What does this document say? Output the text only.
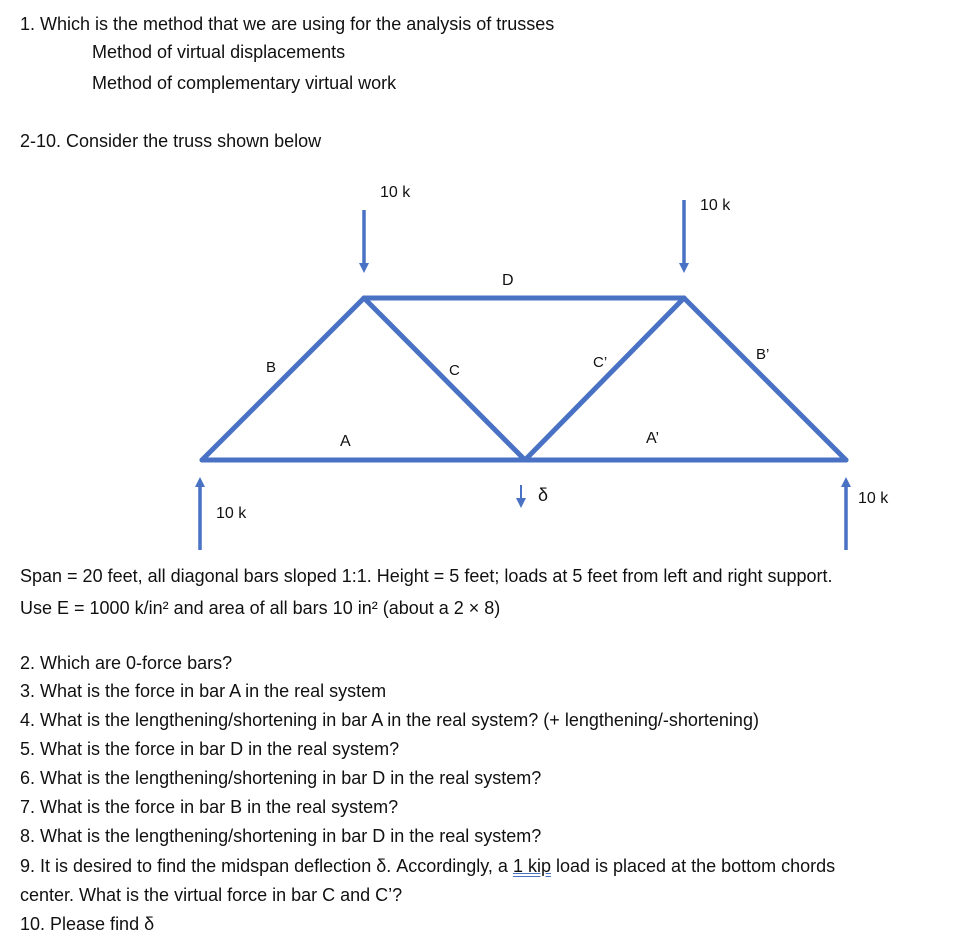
1. Which is the method that we are using for the analysis of trusses
Method of virtual displacements
Method of complementary virtual work
2-10. Consider the truss shown below
10 k
10 k
10 k
10 k
B	C
D
C’	B’
A	A’
δ
Span = 20 feet, all diagonal bars sloped 1:1. Height = 5 feet; loads at 5 feet from left and right support.
Use E = 1000 k/in² and area of all bars 10 in² (about a 2 × 8)
2. Which are 0-force bars?
3. What is the force in bar A in the real system
4. What is the lengthening/shortening in bar A in the real system? (+ lengthening/-shortening)
5. What is the force in bar D in the real system?
6. What is the lengthening/shortening in bar D in the real system?
7. What is the force in bar B in the real system?
8. What is the lengthening/shortening in bar D in the real system?
9. It is desired to find the midspan deflection δ. Accordingly, a 1 kip load is placed at the bottom chords
center. What is the virtual force in bar C and C’?
10. Please find δ
